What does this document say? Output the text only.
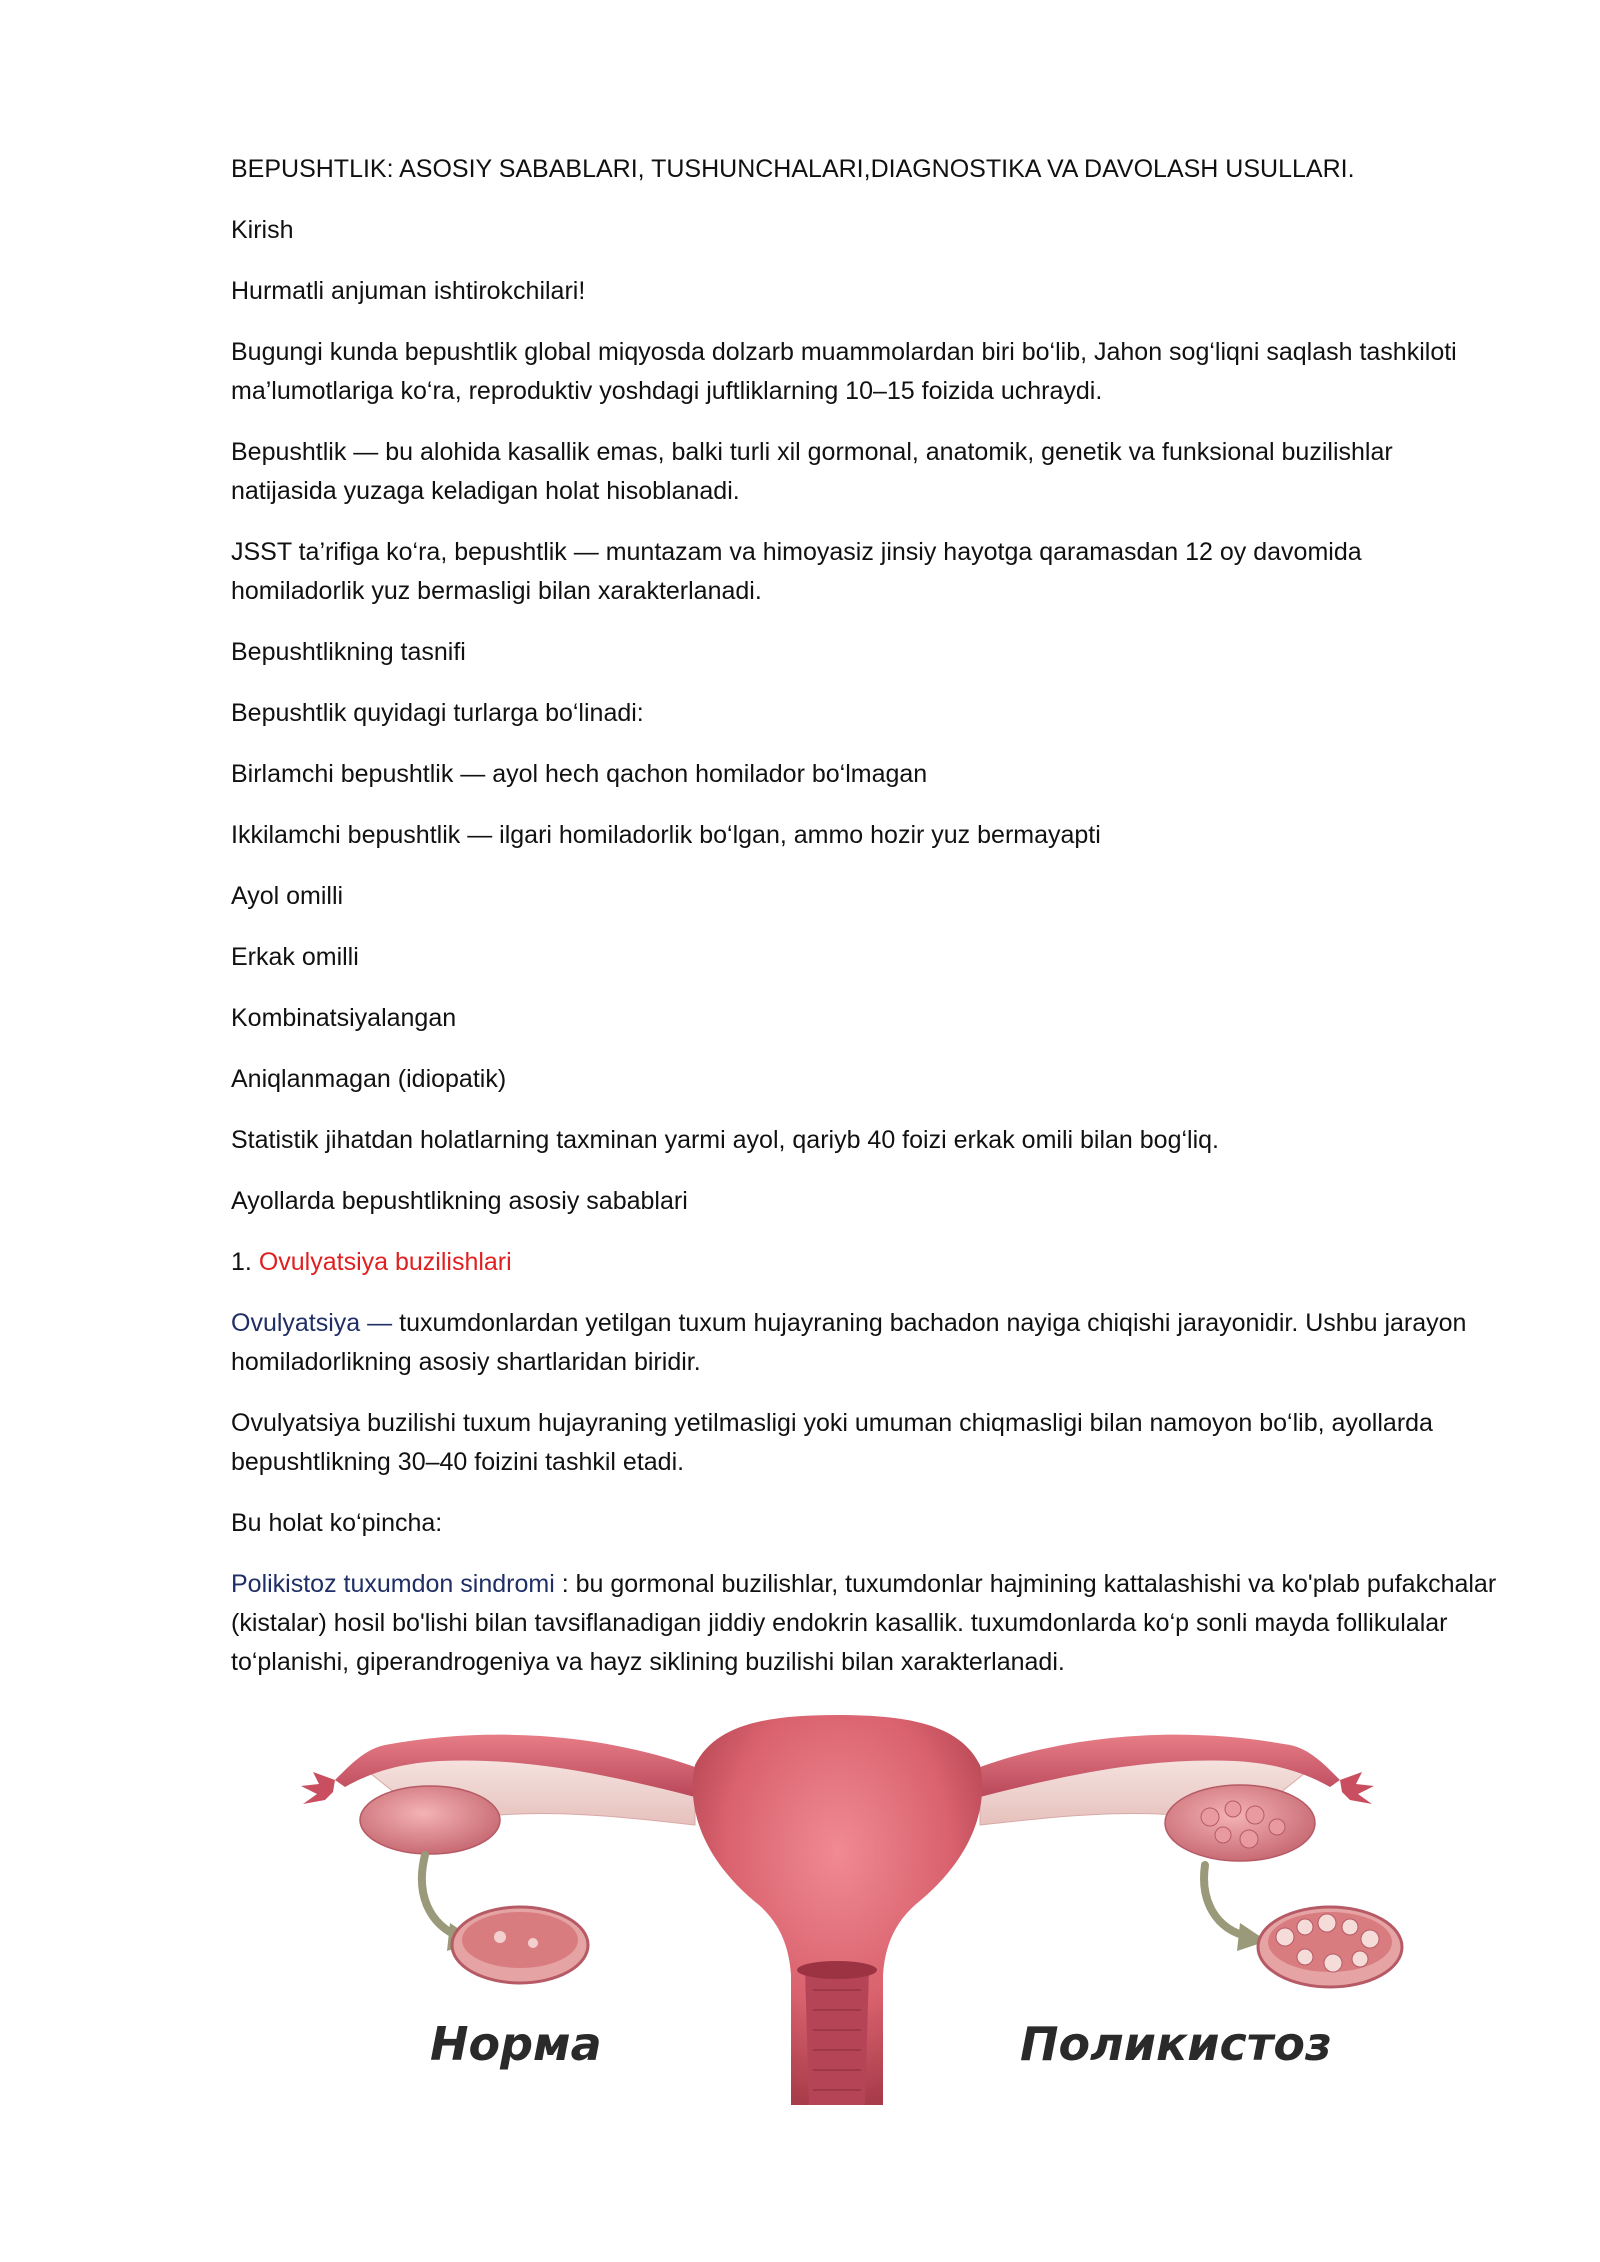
BEPUSHTLIK: ASOSIY SABABLARI, TUSHUNCHALARI,DIAGNOSTIKA VA DAVOLASH USULLARI.

Kirish

Hurmatli anjuman ishtirokchilari!

Bugungi kunda bepushtlik global miqyosda dolzarb muammolardan biri bo‘lib, Jahon sog‘liqni saqlash tashkiloti ma’lumotlariga ko‘ra, reproduktiv yoshdagi juftliklarning 10–15 foizida uchraydi.

Bepushtlik — bu alohida kasallik emas, balki turli xil gormonal, anatomik, genetik va funksional buzilishlar natijasida yuzaga keladigan holat hisoblanadi.

JSST ta’rifiga ko‘ra, bepushtlik — muntazam va himoyasiz jinsiy hayotga qaramasdan 12 oy davomida homiladorlik yuz bermasligi bilan xarakterlanadi.

Bepushtlikning tasnifi

Bepushtlik quyidagi turlarga bo‘linadi:

Birlamchi bepushtlik — ayol hech qachon homilador bo‘lmagan

Ikkilamchi bepushtlik — ilgari homiladorlik bo‘lgan, ammo hozir yuz bermayapti

Ayol omilli

Erkak omilli

Kombinatsiyalangan

Aniqlanmagan (idiopatik)

Statistik jihatdan holatlarning taxminan yarmi ayol, qariyb 40 foizi erkak omili bilan bog‘liq.

Ayollarda bepushtlikning asosiy sabablari

1. Ovulyatsiya buzilishlari

Ovulyatsiya — tuxumdonlardan yetilgan tuxum hujayraning bachadon nayiga chiqishi jarayonidir. Ushbu jarayon homiladorlikning asosiy shartlaridan biridir.

Ovulyatsiya buzilishi tuxum hujayraning yetilmasligi yoki umuman chiqmasligi bilan namoyon bo‘lib, ayollarda bepushtlikning 30–40 foizini tashkil etadi.

Bu holat ko‘pincha:

Polikistoz tuxumdon sindromi : bu gormonal buzilishlar, tuxumdonlar hajmining kattalashishi va ko'plab pufakchalar (kistalar) hosil bo'lishi bilan tavsiflanadigan jiddiy endokrin kasallik. tuxumdonlarda ko‘p sonli mayda follikulalar to‘planishi, giperandrogeniya va hayz siklining buzilishi bilan xarakterlanadi.

Норма	Поликистоз
